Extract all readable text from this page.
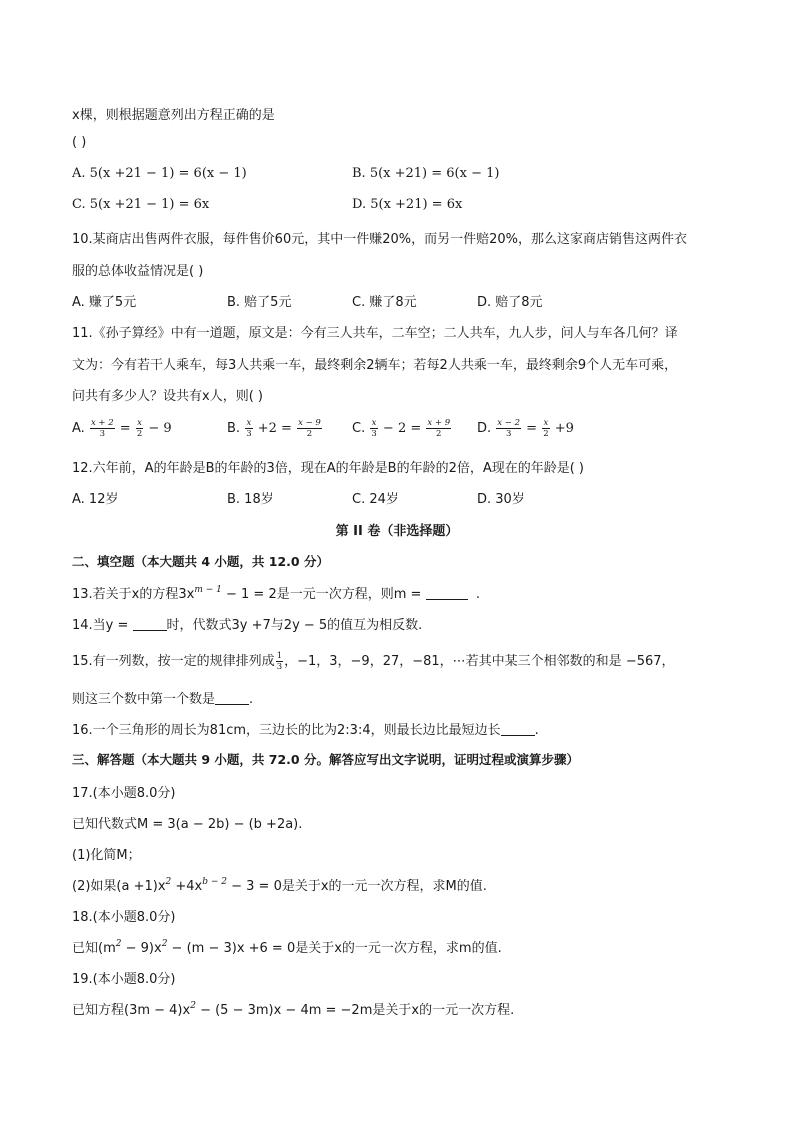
x棵，则根据题意列出方程正确的是
( )
A. 5(x +21 − 1) = 6(x − 1)	B. 5(x +21) = 6(x − 1)
C. 5(x +21 − 1) = 6x	D. 5(x +21) = 6x
10.某商店出售两件衣服，每件售价60元，其中一件赚20%，而另一件赔20%，那么这家商店销售这两件衣
服的总体收益情况是( )
A. 赚了5元	B. 赔了5元	C. 赚了8元	D. 赔了8元
11.《孙子算经》中有一道题，原文是：今有三人共车，二车空；二人共车，九人步，问人与车各几何？译
文为：今有若干人乘车，每3人共乘一车，最终剩余2辆车；若每2人共乘一车，最终剩余9个人无车可乘，
问共有多少人？设共有x人，则( )
A. $\frac{x + 2}{3} = \frac{x}{2} - 9$	B. $\frac{x}{3} +2 = \frac{x - 9}{2} C$. $\frac{x}{3} - 2 = \frac{x + 9}{2} D$. $\frac{x - 2}{3} = \frac{x}{2} +9$
12.六年前，A的年龄是B的年龄的3倍，现在A的年龄是B的年龄的2倍，A现在的年龄是( )
A. 12岁	B. 18岁	C. 24岁	D. 30岁
第 II 卷（非选择题）
二、填空题（本大题共 4 小题，共 12.0 分）
13.若关于x的方程$3x^{m - 1} - 1 = 2$是一元一次方程，则m =	.
14.当y =	时，代数式3y +7与2y − 5的值互为相反数.
15.有一列数，按一定的规律排列成 $\frac{1}{3}$ ，−1，3，−9，27，−81，⋯若其中某三个相邻数的和是 −567，
则这三个数中第一个数是	.
16.一个三角形的周长为81cm，三边长的比为2:3:4，则最长边比最短边长	.
三、解答题（本大题共 9 小题，共 72.0 分。解答应写出文字说明，证明过程或演算步骤）
17.(本小题8.0分)
已知代数式M = 3(a − 2b) − (b +2a).
(1)化简M；
(2)如果$(a +1)x^2 +4x^{b - 2} - 3 = 0$是关于x的一元一次方程，求M的值.
18.(本小题8.0分)
已知$(m^2 - 9)x^2 - (m - 3)x +6 = 0$是关于x的一元一次方程，求m的值.
19.(本小题8.0分)
已知方程$(3m - 4)x^2 - (5 - 3m)x - 4m = -2m$是关于x的一元一次方程.
